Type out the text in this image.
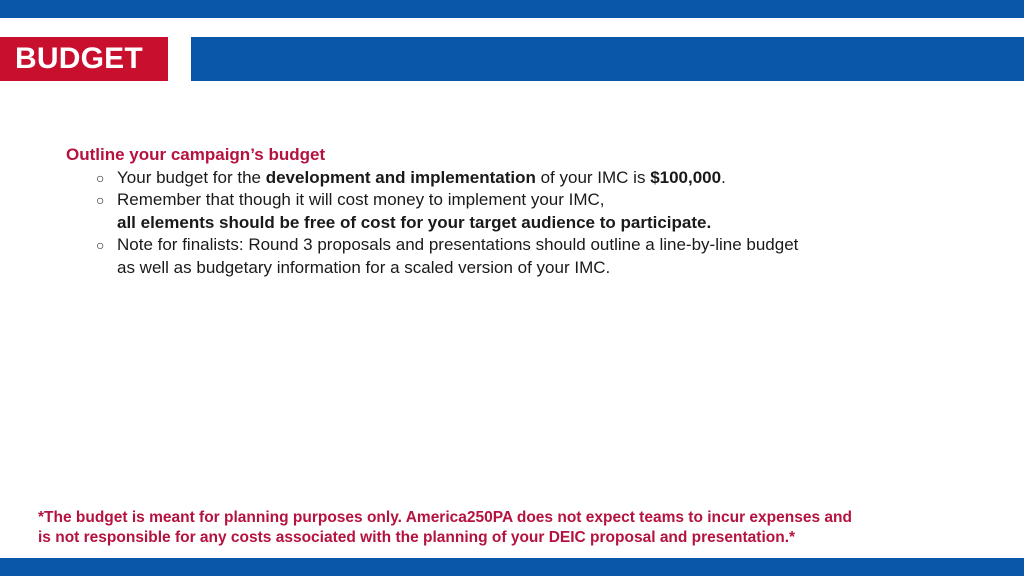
BUDGET
Outline your campaign’s budget
○ Your budget for the development and implementation of your IMC is $100,000.
○ Remember that though it will cost money to implement your IMC,
all elements should be free of cost for your target audience to participate.
○ Note for finalists: Round 3 proposals and presentations should outline a line-by-line budget
as well as budgetary information for a scaled version of your IMC.
*The budget is meant for planning purposes only. America250PA does not expect teams to incur expenses and
is not responsible for any costs associated with the planning of your DEIC proposal and presentation.*
